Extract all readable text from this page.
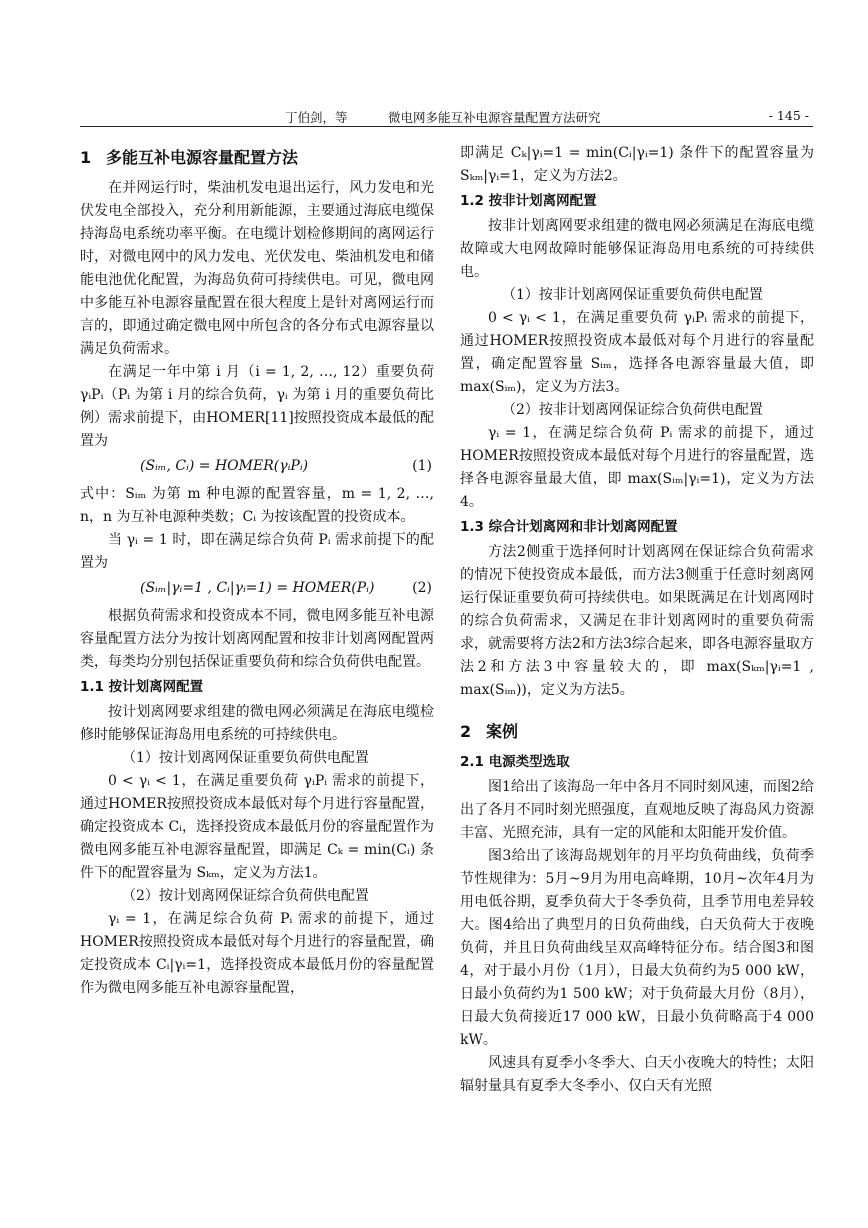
丁伯剑，等	微电网多能互补电源容量配置方法研究	- 145 -
1 多能互补电源容量配置方法

在并网运行时，柴油机发电退出运行，风力发电和光伏发电全部投入，充分利用新能源，主要通过海底电缆保持海岛电系统功率平衡。在电缆计划检修期间的离网运行时，对微电网中的风力发电、光伏发电、柴油机发电和储能电池优化配置，为海岛负荷可持续供电。可见，微电网中多能互补电源容量配置在很大程度上是针对离网运行而言的，即通过确定微电网中所包含的各分布式电源容量以满足负荷需求。

在满足一年中第 i 月（i = 1, 2, …, 12）重要负荷 γᵢPᵢ（Pᵢ 为第 i 月的综合负荷，γᵢ 为第 i 月的重要负荷比例）需求前提下，由HOMER[11]按照投资成本最低的配置为

(Sᵢₘ, Cᵢ) = HOMER(γᵢPᵢ)	(1)

式中：Sᵢₘ 为第 m 种电源的配置容量，m = 1, 2, …, n，n 为互补电源种类数；Cᵢ 为按该配置的投资成本。

当 γᵢ = 1 时，即在满足综合负荷 Pᵢ 需求前提下的配置为

(Sᵢₘ|γᵢ=1 , Cᵢ|γᵢ=1) = HOMER(Pᵢ)	(2)

根据负荷需求和投资成本不同，微电网多能互补电源容量配置方法分为按计划离网配置和按非计划离网配置两类，每类均分别包括保证重要负荷和综合负荷供电配置。

1.1 按计划离网配置

按计划离网要求组建的微电网必须满足在海底电缆检修时能够保证海岛用电系统的可持续供电。

（1）按计划离网保证重要负荷供电配置

0 < γᵢ < 1，在满足重要负荷 γᵢPᵢ 需求的前提下，通过HOMER按照投资成本最低对每个月进行容量配置，确定投资成本 Cᵢ，选择投资成本最低月份的容量配置作为微电网多能互补电源容量配置，即满足 Cₖ = min(Cᵢ) 条件下的配置容量为 Sₖₘ，定义为方法1。

（2）按计划离网保证综合负荷供电配置

γᵢ = 1，在满足综合负荷 Pᵢ 需求的前提下，通过HOMER按照投资成本最低对每个月进行的容量配置，确定投资成本 Cᵢ|γᵢ=1，选择投资成本最低月份的容量配置作为微电网多能互补电源容量配置，

即满足 Cₖ|γᵢ=1 = min(Cᵢ|γᵢ=1) 条件下的配置容量为 Sₖₘ|γᵢ=1，定义为方法2。

1.2 按非计划离网配置

按非计划离网要求组建的微电网必须满足在海底电缆故障或大电网故障时能够保证海岛用电系统的可持续供电。

（1）按非计划离网保证重要负荷供电配置

0 < γᵢ < 1，在满足重要负荷 γᵢPᵢ 需求的前提下，通过HOMER按照投资成本最低对每个月进行的容量配置，确定配置容量 Sᵢₘ，选择各电源容量最大值，即 max(Sᵢₘ)，定义为方法3。

（2）按非计划离网保证综合负荷供电配置

γᵢ = 1，在满足综合负荷 Pᵢ 需求的前提下，通过HOMER按照投资成本最低对每个月进行的容量配置，选择各电源容量最大值，即 max(Sᵢₘ|γᵢ=1)，定义为方法4。

1.3 综合计划离网和非计划离网配置

方法2侧重于选择何时计划离网在保证综合负荷需求的情况下使投资成本最低，而方法3侧重于任意时刻离网运行保证重要负荷可持续供电。如果既满足在计划离网时的综合负荷需求，又满足在非计划离网时的重要负荷需求，就需要将方法2和方法3综合起来，即各电源容量取方法2和方法3中容量较大的，即 max(Sₖₘ|γᵢ=1 , max(Sᵢₘ))，定义为方法5。

2 案例
2.1 电源类型选取

图1给出了该海岛一年中各月不同时刻风速，而图2给出了各月不同时刻光照强度，直观地反映了海岛风力资源丰富、光照充沛，具有一定的风能和太阳能开发价值。

图3给出了该海岛规划年的月平均负荷曲线，负荷季节性规律为：5月~9月为用电高峰期，10月~次年4月为用电低谷期，夏季负荷大于冬季负荷，且季节用电差异较大。图4给出了典型月的日负荷曲线，白天负荷大于夜晚负荷，并且日负荷曲线呈双高峰特征分布。结合图3和图4，对于最小月份（1月），日最大负荷约为5 000 kW，日最小负荷约为1 500 kW；对于负荷最大月份（8月），日最大负荷接近17 000 kW，日最小负荷略高于4 000 kW。

风速具有夏季小冬季大、白天小夜晚大的特性；太阳辐射量具有夏季大冬季小、仅白天有光照
